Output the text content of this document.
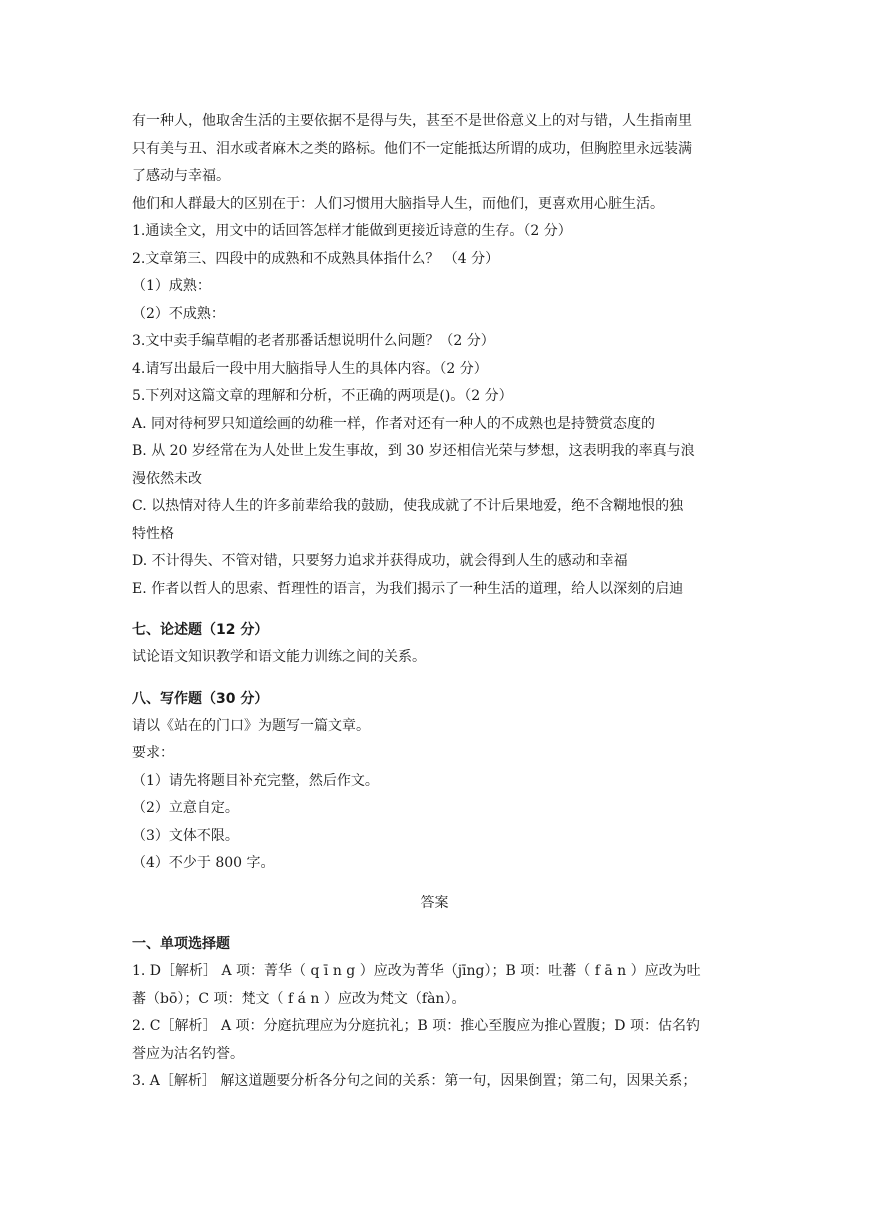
有一种人，他取舍生活的主要依据不是得与失，甚至不是世俗意义上的对与错，人生指南里

只有美与丑、泪水或者麻木之类的路标。他们不一定能抵达所谓的成功，但胸腔里永远装满

了感动与幸福。

他们和人群最大的区别在于：人们习惯用大脑指导人生，而他们，更喜欢用心脏生活。

1.通读全文，用文中的话回答怎样才能做到更接近诗意的生存。（2 分）

2.文章第三、四段中的成熟和不成熟具体指什么？ （4 分）

（1）成熟：

（2）不成熟：

3.文中卖手编草帽的老者那番话想说明什么问题？（2 分）

4.请写出最后一段中用大脑指导人生的具体内容。（2 分）

5.下列对这篇文章的理解和分析，不正确的两项是()。（2 分）

A. 同对待柯罗只知道绘画的幼稚一样，作者对还有一种人的不成熟也是持赞赏态度的

B. 从 20 岁经常在为人处世上发生事故，到 30 岁还相信光荣与梦想，这表明我的率真与浪

漫依然未改

C. 以热情对待人生的许多前辈给我的鼓励，使我成就了不计后果地爱，绝不含糊地恨的独

特性格

D. 不计得失、不管对错，只要努力追求并获得成功，就会得到人生的感动和幸福

E. 作者以哲人的思索、哲理性的语言，为我们揭示了一种生活的道理，给人以深刻的启迪

七、论述题（12 分）

试论语文知识教学和语文能力训练之间的关系。

八、写作题（30 分）

请以《站在的门口》为题写一篇文章。

要求：

（1）请先将题目补充完整，然后作文。

（2）立意自定。

（3）文体不限。

（4）不少于 800 字。

答案

一、单项选择题

1. D［解析］ A 项：菁华（ q ī n g ）应改为菁华（jīng）；B 项：吐蕃（ f ā n ）应改为吐

蕃（bō）；C 项：梵文（ f á n ）应改为梵文（fàn）。

2. C［解析］ A 项：分庭抗理应为分庭抗礼；B 项：推心至腹应为推心置腹；D 项：估名钓

誉应为沽名钓誉。

3. A［解析］ 解这道题要分析各分句之间的关系：第一句，因果倒置；第二句，因果关系；
